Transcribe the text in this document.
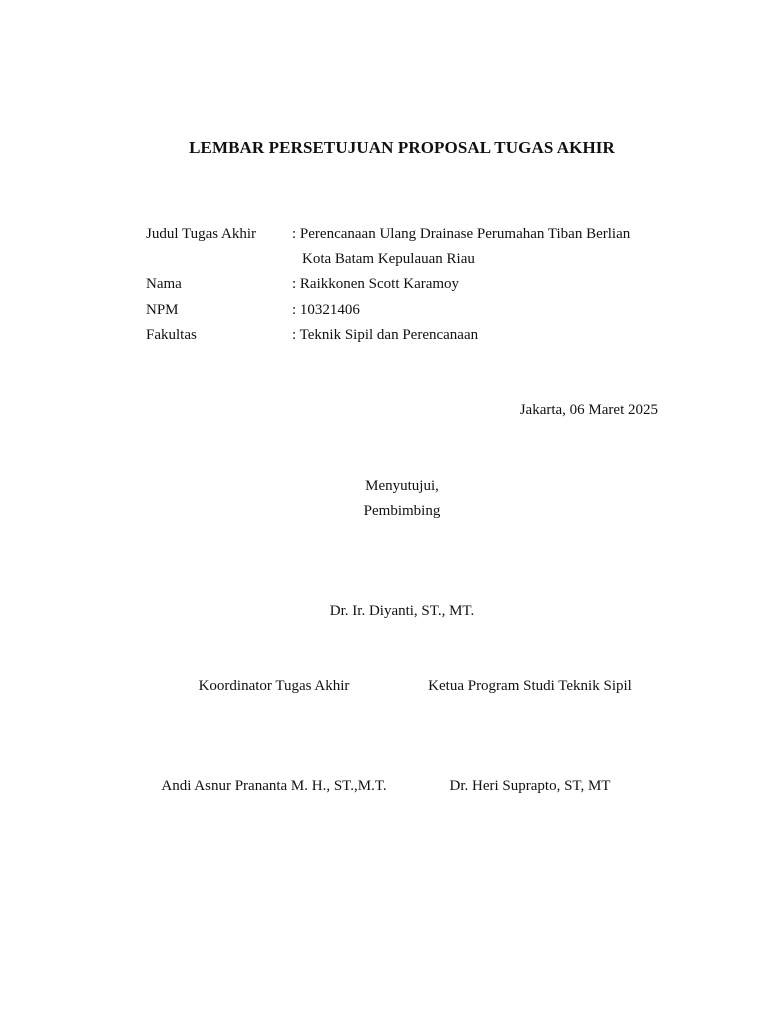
LEMBAR PERSETUJUAN PROPOSAL TUGAS AKHIR
Judul Tugas Akhir : Perencanaan Ulang Drainase Perumahan Tiban Berlian
Kota Batam Kepulauan Riau
Nama	: Raikkonen Scott Karamoy
NPM	: 10321406
Fakultas	: Teknik Sipil dan Perencanaan
Jakarta, 06 Maret 2025
Menyutujui,
Pembimbing
Dr. Ir. Diyanti, ST., MT.
Koordinator Tugas Akhir	Ketua Program Studi Teknik Sipil
Andi Asnur Prananta M. H., ST.,M.T.	Dr. Heri Suprapto, ST, MT
